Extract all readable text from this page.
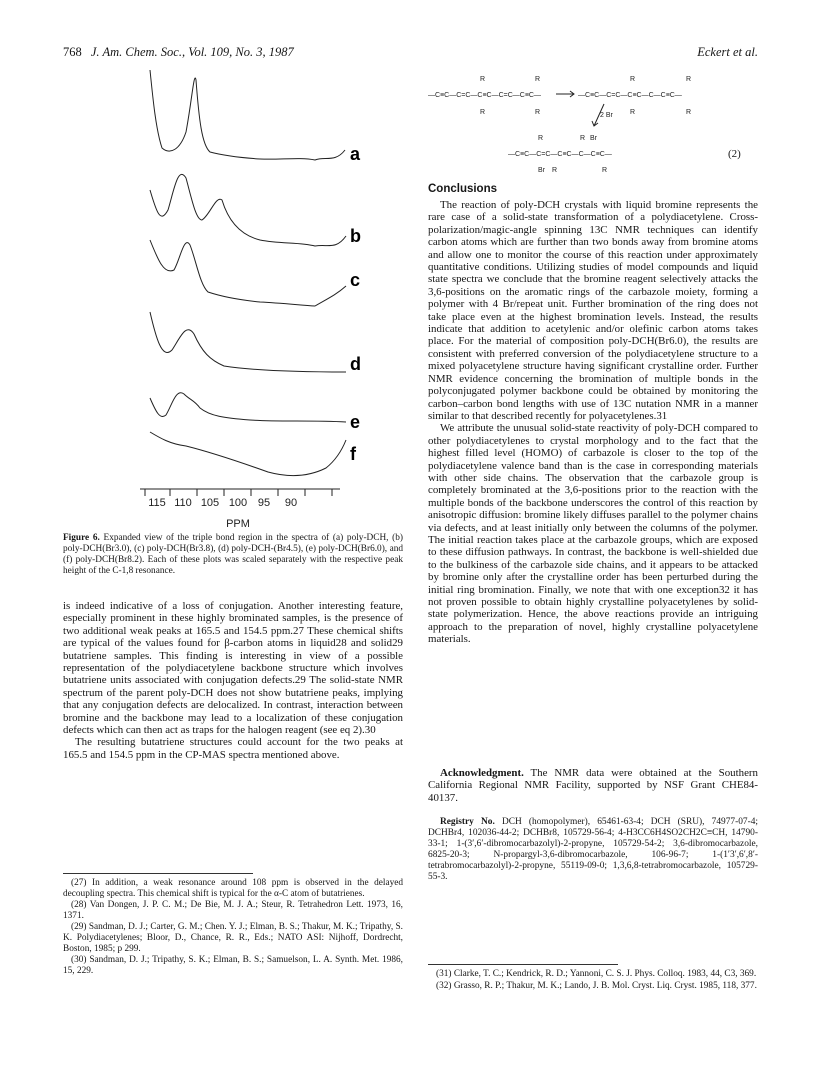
768 J. Am. Chem. Soc., Vol. 109, No. 3, 1987	Eckert et al.
a
b
c
d
e
f
115 110 105 100 95 90
PPM
Figure 6. Expanded view of the triple bond region in the spectra of (a) poly-DCH, (b) poly-DCH(Br3.0), (c) poly-DCH(Br3.8), (d) poly-DCH-(Br4.5), (e) poly-DCH(Br6.0), and (f) poly-DCH(Br8.2). Each of these plots was scaled separately with the respective peak height of the C-1,8 resonance.

is indeed indicative of a loss of conjugation. Another interesting feature, especially prominent in these highly brominated samples, is the presence of two additional weak peaks at 165.5 and 154.5 ppm.27 These chemical shifts are typical of the values found for β-carbon atoms in liquid28 and solid29 butatriene samples. This finding is interesting in view of a possible representation of the polydiacetylene backbone structure which involves butatriene units associated with conjugation defects.29 The solid-state NMR spectrum of the parent poly-DCH does not show butatriene peaks, implying that any conjugation defects are delocalized. In contrast, interaction between bromine and the backbone may lead to a localization of these conjugation defects which can then act as traps for the halogen reagent (see eq 2).30

The resulting butatriene structures could account for the two peaks at 165.5 and 154.5 ppm in the CP-MAS spectra mentioned above.

(27) In addition, a weak resonance around 108 ppm is observed in the delayed decoupling spectra. This chemical shift is typical for the α-C atom of butatrienes.

(28) Van Dongen, J. P. C. M.; De Bie, M. J. A.; Steur, R. Tetrahedron Lett. 1973, 16, 1371.

(29) Sandman, D. J.; Carter, G. M.; Chen. Y. J.; Elman, B. S.; Thakur, M. K.; Tripathy, S. K. Polydiacetylenes; Bloor, D., Chance, R. R., Eds.; NATO ASI: Nijhoff, Dordrecht, Boston, 1985; p 299.

(30) Sandman, D. J.; Tripathy, S. K.; Elman, B. S.; Samuelson, L. A. Synth. Met. 1986, 15, 229.

—C≡C—C=C—C≡C—C=C—C≡C—	—C≡C—C=C—C≡C—C—C≡C—
R
R
R
R
R
R
R
R
2 Br
—C≡C—C=C—C≡C—C—C≡C—
R	R Br
Br R	R
(2)
Conclusions

The reaction of poly-DCH crystals with liquid bromine represents the rare case of a solid-state transformation of a polydiacetylene. Cross-polarization/magic-angle spinning 13C NMR techniques can identify carbon atoms which are further than two bonds away from bromine atoms and allow one to monitor the course of this reaction under approximately quantitative conditions. Utilizing studies of model compounds and liquid state spectra we conclude that the bromine reagent selectively attacks the 3,6-positions on the aromatic rings of the carbazole moiety, forming a polymer with 4 Br/repeat unit. Further bromination of the ring does not take place even at the highest bromination levels. Instead, the results indicate that addition to acetylenic and/or olefinic carbon atoms takes place. For the material of composition poly-DCH(Br6.0), the results are consistent with preferred conversion of the polydiacetylene structure to a mixed polyacetylene structure having significant crystalline order. Further NMR evidence concerning the bromination of multiple bonds in the polyconjugated polymer backbone could be obtained by monitoring the carbon–carbon bond lengths with use of 13C nutation NMR in a manner similar to that described recently for polyacetylenes.31

We attribute the unusual solid-state reactivity of poly-DCH compared to other polydiacetylenes to crystal morphology and to the fact that the highest filled level (HOMO) of carbazole is closer to the top of the polydiacetylene valence band than is the case in corresponding materials with other side chains. The observation that the carbazole group is completely brominated at the 3,6-positions prior to the reaction with the multiple bonds of the backbone underscores the control of this reaction by anisotropic diffusion: bromine likely diffuses parallel to the polymer chains via defects, and at least initially only between the columns of the polymer. The initial reaction takes place at the carbazole groups, which are exposed to these diffusion pathways. In contrast, the backbone is well-shielded due to the bulkiness of the carbazole side chains, and it appears to be attacked by bromine only after the crystalline order has been perturbed during the initial ring bromination. Finally, we note that with one exception32 it has not proven possible to obtain highly crystalline polyacetylenes by solid-state polymerization. Hence, the above reactions provide an intriguing approach to the preparation of novel, highly crystalline polyacetylene materials.

Acknowledgment. The NMR data were obtained at the Southern California Regional NMR Facility, supported by NSF Grant CHE84-40137.

Registry No. DCH (homopolymer), 65461-63-4; DCH (SRU), 74977-07-4; DCHBr4, 102036-44-2; DCHBr8, 105729-56-4; 4-H3CC6H4SO2CH2C≡CH, 14790-33-1; 1-(3′,6′-dibromocarbazolyl)-2-propyne, 105729-54-2; 3,6-dibromocarbazole, 6825-20-3; N-propargyl-3,6-dibromocarbazole, 106-96-7; 1-(1′3′,6′,8′-tetrabromocarbazolyl)-2-propyne, 55119-09-0; 1,3,6,8-tetrabromocarbazole, 105729-55-3.

(31) Clarke, T. C.; Kendrick, R. D.; Yannoni, C. S. J. Phys. Colloq. 1983, 44, C3, 369.

(32) Grasso, R. P.; Thakur, M. K.; Lando, J. B. Mol. Cryst. Liq. Cryst. 1985, 118, 377.
